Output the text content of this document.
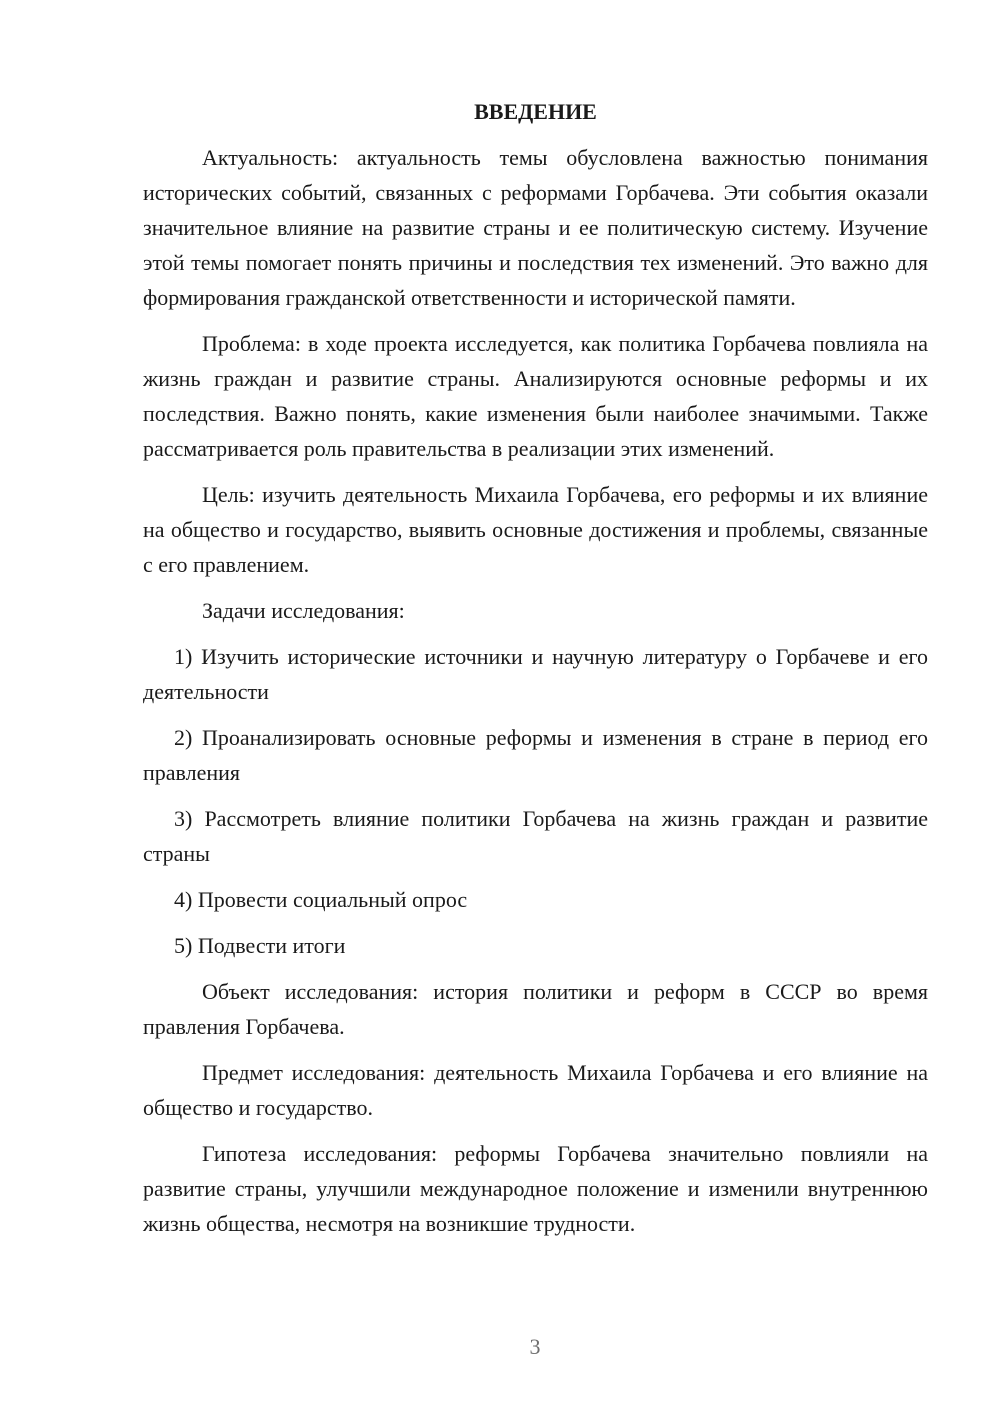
ВВЕДЕНИЕ

Актуальность: актуальность темы обусловлена важностью понимания исторических событий, связанных с реформами Горбачева. Эти события оказали значительное влияние на развитие страны и ее политическую систему. Изучение этой темы помогает понять причины и последствия тех изменений. Это важно для формирования гражданской ответственности и исторической памяти.

Проблема: в ходе проекта исследуется, как политика Горбачева повлияла на жизнь граждан и развитие страны. Анализируются основные реформы и их последствия. Важно понять, какие изменения были наиболее значимыми. Также рассматривается роль правительства в реализации этих изменений.

Цель: изучить деятельность Михаила Горбачева, его реформы и их влияние на общество и государство, выявить основные достижения и проблемы, связанные с его правлением.

Задачи исследования:

1) Изучить исторические источники и научную литературу о Горбачеве и его деятельности

2) Проанализировать основные реформы и изменения в стране в период его правления

3) Рассмотреть влияние политики Горбачева на жизнь граждан и развитие страны

4) Провести социальный опрос

5) Подвести итоги

Объект исследования: история политики и реформ в СССР во время правления Горбачева.

Предмет исследования: деятельность Михаила Горбачева и его влияние на общество и государство.

Гипотеза исследования: реформы Горбачева значительно повлияли на развитие страны, улучшили международное положение и изменили внутреннюю жизнь общества, несмотря на возникшие трудности.

3
